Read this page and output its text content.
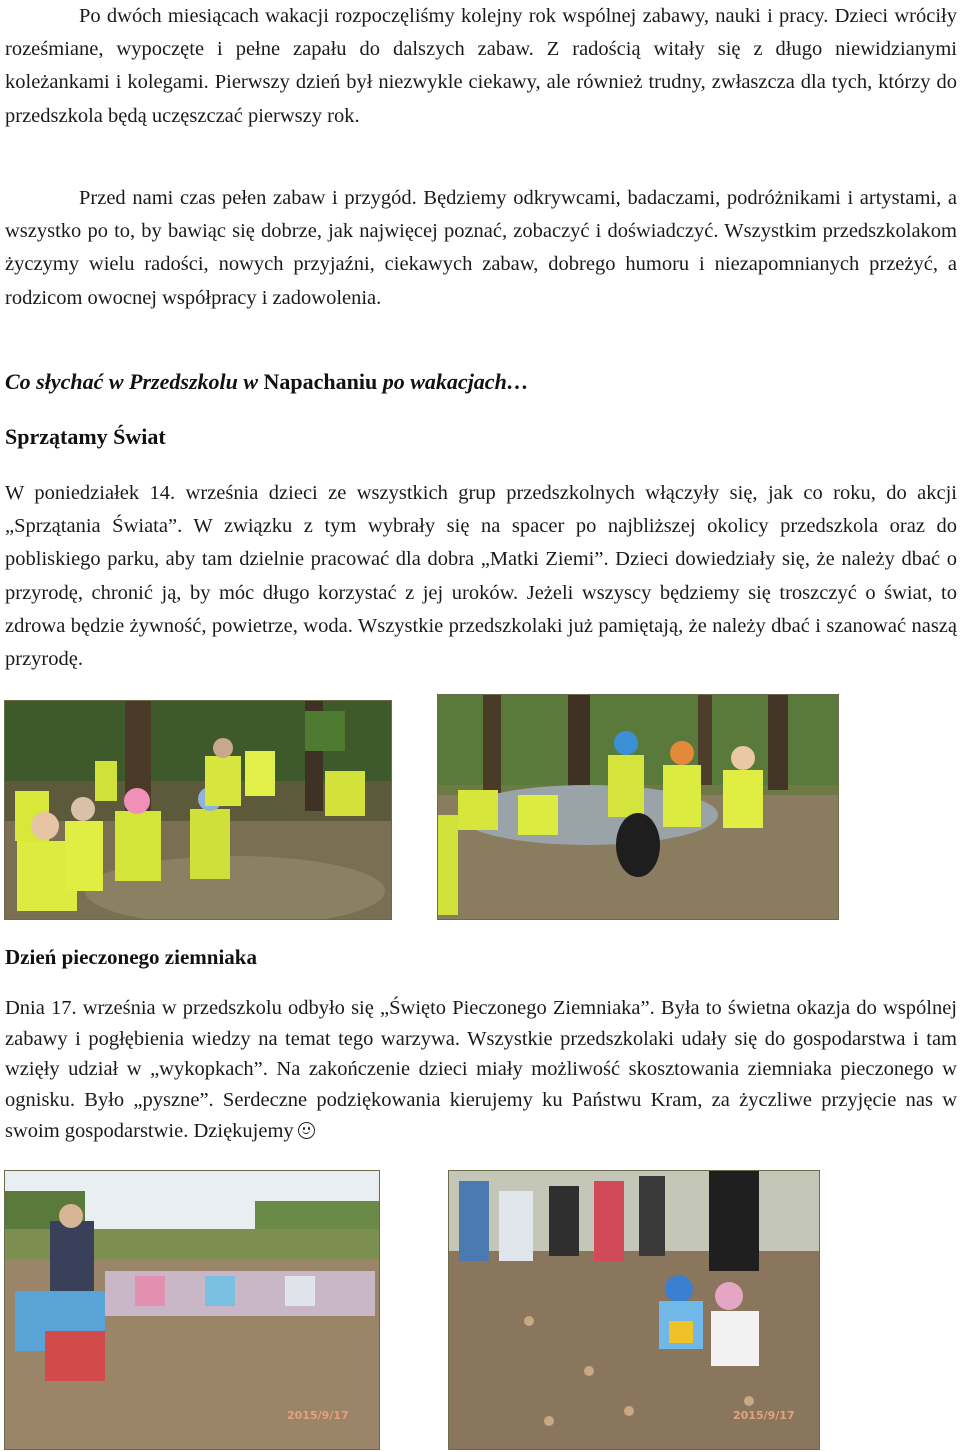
Po dwóch miesiącach wakacji rozpoczęliśmy kolejny rok wspólnej zabawy, nauki i pracy. Dzieci wróciły roześmiane, wypoczęte i pełne zapału do dalszych zabaw. Z radością witały się z długo niewidzianymi koleżankami i kolegami. Pierwszy dzień był niezwykle ciekawy, ale również trudny, zwłaszcza dla tych, którzy do przedszkola będą uczęszczać pierwszy rok.

Przed nami czas pełen zabaw i przygód. Będziemy odkrywcami, badaczami, podróżnikami i artystami, a wszystko po to, by bawiąc się dobrze, jak najwięcej poznać, zobaczyć i doświadczyć. Wszystkim przedszkolakom życzymy wielu radości, nowych przyjaźni, ciekawych zabaw, dobrego humoru i niezapomnianych przeżyć, a rodzicom owocnej współpracy i zadowolenia.

Co słychać w Przedszkolu w Napachaniu po wakacjach…
Sprzątamy Świat

W poniedziałek 14. września dzieci ze wszystkich grup przedszkolnych włączyły się, jak co roku, do akcji „Sprzątania Świata”. W związku z tym wybrały się na spacer po najbliższej okolicy przedszkola oraz do pobliskiego parku, aby tam dzielnie pracować dla dobra „Matki Ziemi”. Dzieci dowiedziały się, że należy dbać o przyrodę, chronić ją, by móc długo korzystać z jej uroków. Jeżeli wszyscy będziemy się troszczyć o świat, to zdrowa będzie żywność, powietrze, woda. Wszystkie przedszkolaki już pamiętają, że należy dbać i szanować naszą przyrodę.

Dzień pieczonego ziemniaka

Dnia 17. września w przedszkolu odbyło się „Święto Pieczonego Ziemniaka”. Była to świetna okazja do wspólnej zabawy i pogłębienia wiedzy na temat tego warzywa. Wszystkie przedszkolaki udały się do gospodarstwa i tam wzięły udział w „wykopkach”. Na zakończenie dzieci miały możliwość skosztowania ziemniaka pieczonego w ognisku. Było „pyszne”. Serdeczne podziękowania kierujemy ku Państwu Kram, za życzliwe przyjęcie nas w swoim gospodarstwie. Dziękujemy

2015/9/17	2015/9/17
